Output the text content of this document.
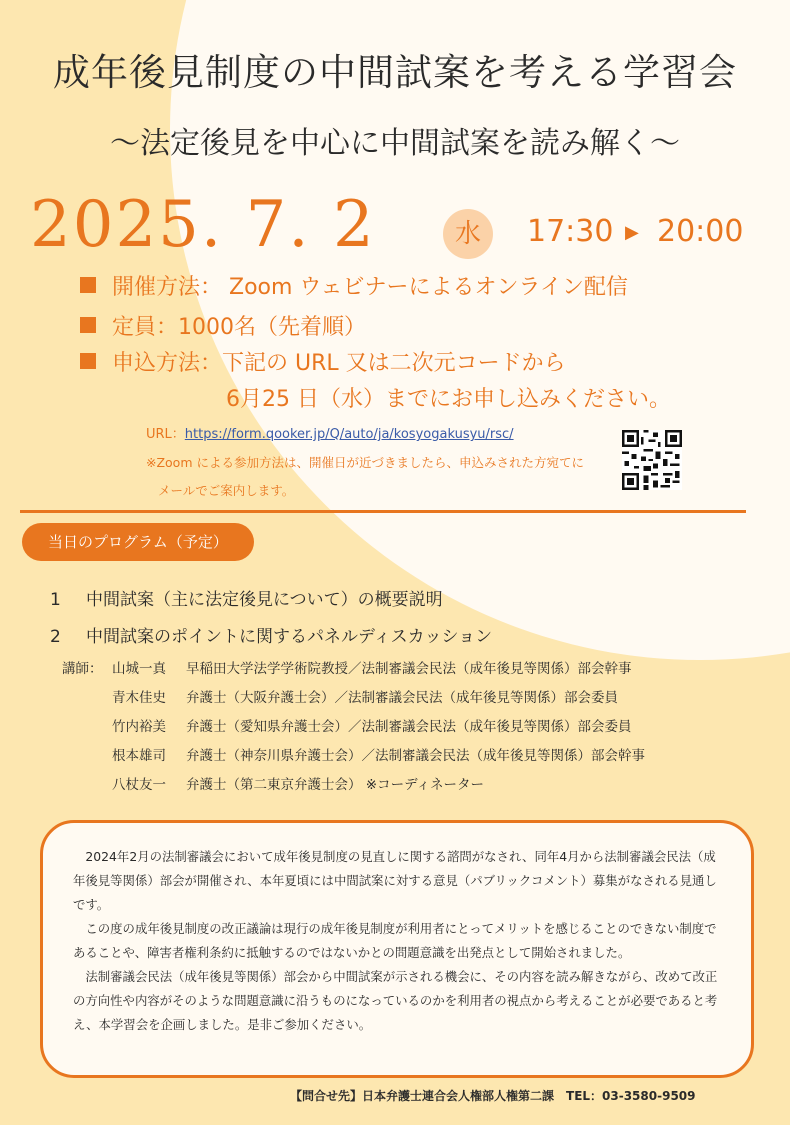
成年後見制度の中間試案を考える学習会
～法定後見を中心に中間試案を読み解く～
2025. 7. 2	水	17:30 ▶ 20:00
開催方法： Zoom ウェビナーによるオンライン配信
定員：1000名（先着順）
申込方法：下記の URL 又は二次元コードから
6月25 日（水）までにお申し込みください。
URL：https://form.qooker.jp/Q/auto/ja/kosyogakusyu/rsc/
※Zoom による参加方法は、開催日が近づきましたら、申込みされた方宛てに
メールでご案内します。
当日のプログラム（予定）
1 中間試案（主に法定後見について）の概要説明
2 中間試案のポイントに関するパネルディスカッション
講師： 山城一真 早稲田大学法学学術院教授／法制審議会民法（成年後見等関係）部会幹事
青木佳史 弁護士（大阪弁護士会）／法制審議会民法（成年後見等関係）部会委員
竹内裕美 弁護士（愛知県弁護士会）／法制審議会民法（成年後見等関係）部会委員
根本雄司 弁護士（神奈川県弁護士会）／法制審議会民法（成年後見等関係）部会幹事
八杖友一 弁護士（第二東京弁護士会） ※コーディネーター

2024年2月の法制審議会において成年後見制度の見直しに関する諮問がなされ、同年4月から法制審議会民法（成年後見等関係）部会が開催され、本年夏頃には中間試案に対する意見（パブリックコメント）募集がなされる見通しです。

この度の成年後見制度の改正議論は現行の成年後見制度が利用者にとってメリットを感じることのできない制度であることや、障害者権利条約に抵触するのではないかとの問題意識を出発点として開始されました。

法制審議会民法（成年後見等関係）部会から中間試案が示される機会に、その内容を読み解きながら、改めて改正の方向性や内容がそのような問題意識に沿うものになっているのかを利用者の視点から考えることが必要であると考え、本学習会を企画しました。是非ご参加ください。

【問合せ先】日本弁護士連合会人権部人権第二課　TEL：03-3580-9509
